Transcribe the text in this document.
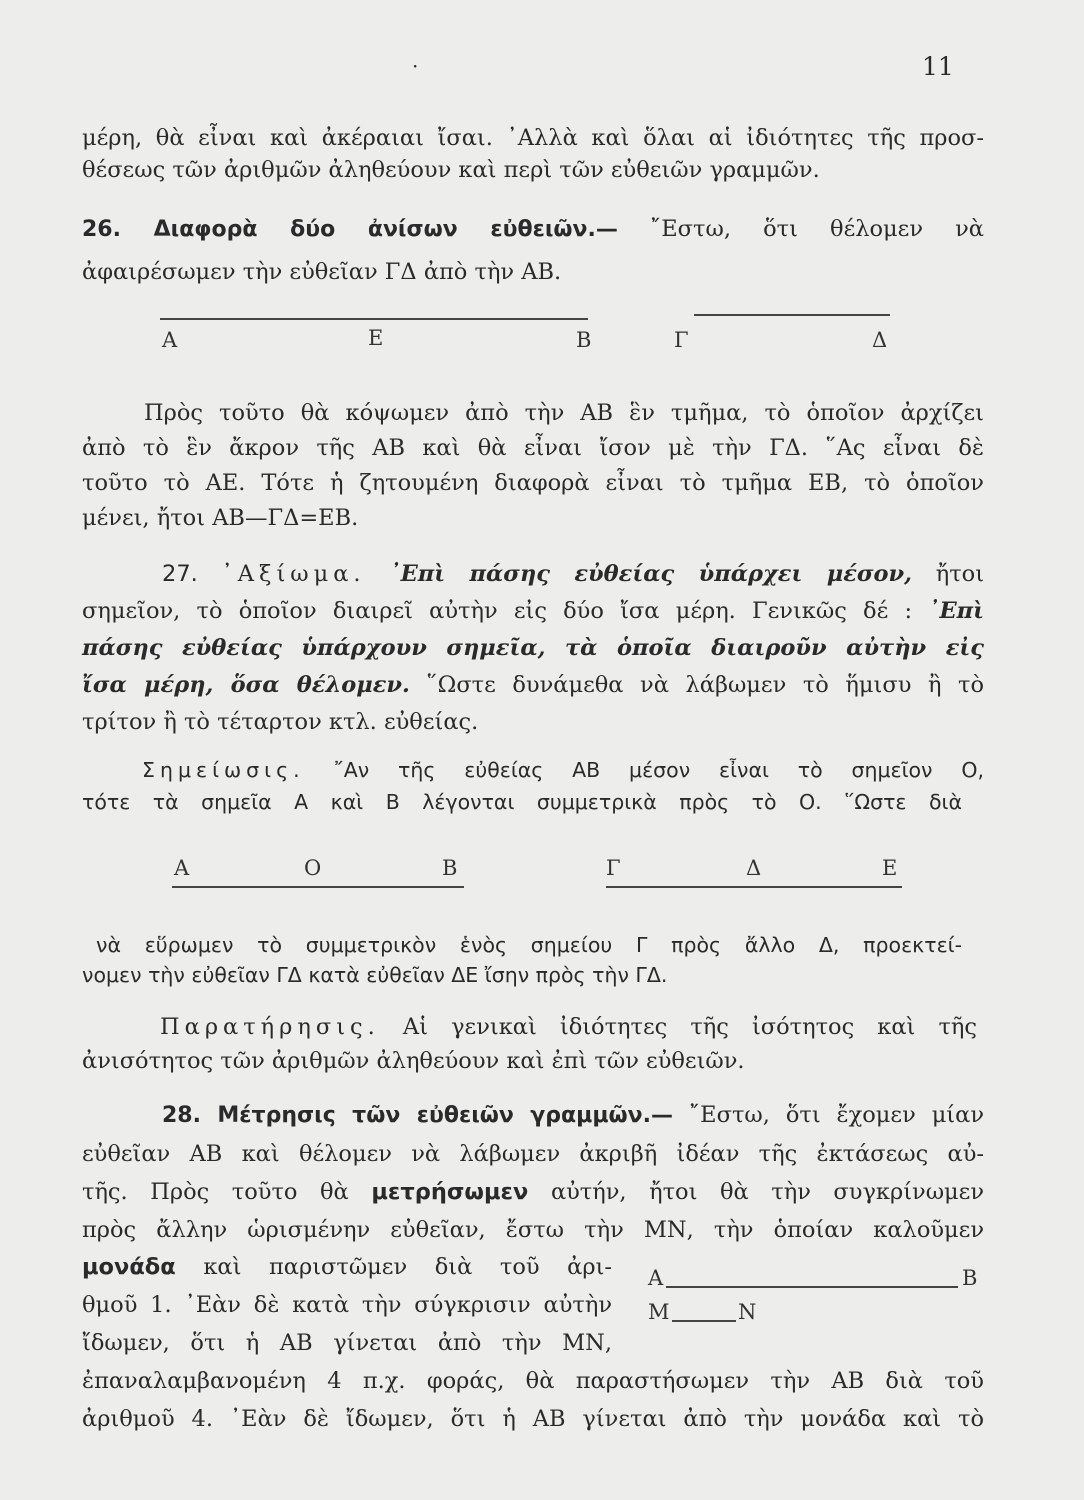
·	11
μέρη, θὰ εἶναι καὶ ἀκέραιαι ἴσαι. ᾿Αλλὰ καὶ ὅλαι αἱ ἰδιότητες τῆς προσ-
θέσεως τῶν ἀριθμῶν ἀληθεύουν καὶ περὶ τῶν εὐθειῶν γραμμῶν.
26. Διαφορὰ δύο ἀνίσων εὐθειῶν.— ῎Εστω, ὅτι θέλομεν νὰ
ἀφαιρέσωμεν τὴν εὐθεῖαν ΓΔ ἀπὸ τὴν ΑΒ.
Α	Ε	Β	Γ	Δ
Πρὸς τοῦτο θὰ κόψωμεν ἀπὸ τὴν ΑΒ ἓν τμῆμα, τὸ ὁποῖον ἀρχίζει
ἀπὸ τὸ ἓν ἄκρον τῆς ΑΒ καὶ θὰ εἶναι ἴσον μὲ τὴν ΓΔ. ῞Ας εἶναι δὲ
τοῦτο τὸ ΑΕ. Τότε ἡ ζητουμένη διαφορὰ εἶναι τὸ τμῆμα ΕΒ, τὸ ὁποῖον
μένει, ἤτοι ΑΒ—ΓΔ=ΕΒ.
27. ᾿Αξίωμα. ᾿Επὶ πάσης εὐθείας ὑπάρχει μέσον, ἤτοι
σημεῖον, τὸ ὁποῖον διαιρεῖ αὐτὴν εἰς δύο ἴσα μέρη. Γενικῶς δέ : ᾿Επὶ
πάσης εὐθείας ὑπάρχουν σημεῖα, τὰ ὁποῖα διαιροῦν αὐτὴν εἰς
ἴσα μέρη, ὅσα θέλομεν. ῞Ωστε δυνάμεθα νὰ λάβωμεν τὸ ἥμισυ ἢ τὸ
τρίτον ἢ τὸ τέταρτον κτλ. εὐθείας.
Σημείωσις. ῎Αν τῆς εὐθείας ΑΒ μέσον εἶναι τὸ σημεῖον Ο,
τότε τὰ σημεῖα Α καὶ Β λέγονται συμμετρικὰ πρὸς τὸ Ο. ῞Ωστε διὰ
Α	Ο	Β	Γ	Δ	Ε
νὰ εὕρωμεν τὸ συμμετρικὸν ἑνὸς σημείου Γ πρὸς ἄλλο Δ, προεκτεί-
νομεν τὴν εὐθεῖαν ΓΔ κατὰ εὐθεῖαν ΔΕ ἴσην πρὸς τὴν ΓΔ.
Παρατήρησις. Αἱ γενικαὶ ἰδιότητες τῆς ἰσότητος καὶ τῆς
ἀνισότητος τῶν ἀριθμῶν ἀληθεύουν καὶ ἐπὶ τῶν εὐθειῶν.
28. Μέτρησις τῶν εὐθειῶν γραμμῶν.— ῎Εστω, ὅτι ἔχομεν μίαν
εὐθεῖαν ΑΒ καὶ θέλομεν νὰ λάβωμεν ἀκριβῆ ἰδέαν τῆς ἐκτάσεως αὐ-
τῆς. Πρὸς τοῦτο θὰ μετρήσωμεν αὐτήν, ἤτοι θὰ τὴν συγκρίνωμεν
πρὸς ἄλλην ὡρισμένην εὐθεῖαν, ἔστω τὴν ΜΝ, τὴν ὁποίαν καλοῦμεν
μονάδα καὶ παριστῶμεν διὰ τοῦ ἀρι-
θμοῦ 1. ᾿Εὰν δὲ κατὰ τὴν σύγκρισιν αὐτὴν
ἴδωμεν, ὅτι ἡ ΑΒ γίνεται ἀπὸ τὴν ΜΝ,
Α	Β
Μ	Ν
ἐπαναλαμβανομένη 4 π.χ. φοράς, θὰ παραστήσωμεν τὴν ΑΒ διὰ τοῦ
ἀριθμοῦ 4. ᾿Εὰν δὲ ἴδωμεν, ὅτι ἡ ΑΒ γίνεται ἀπὸ τὴν μονάδα καὶ τὸ
